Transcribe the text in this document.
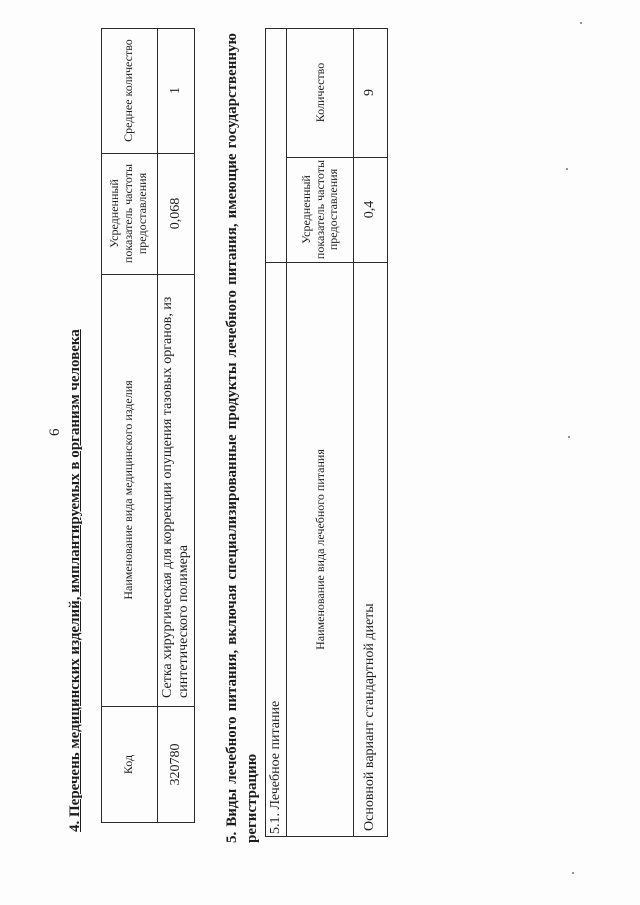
6 4. Перечень медицинских изделий, имплантируемых в организм человека	Код
Наименование вида медицинского изделия
Усредненный показатель частоты предоставления
Среднее количество
320780
Сетка хирургическая для коррекции опущения тазовых органов, из синтетического полимера
0,068
1	5. Виды лечебного питания, включая специализированные продукты лечебного питания, имеющие государственную регистрацию 5.1. Лечебное питание
Наименование вида лечебного питания
Усредненный показатель частоты предоставления
Количество
Основной вариант стандартной диеты
0,4
9
